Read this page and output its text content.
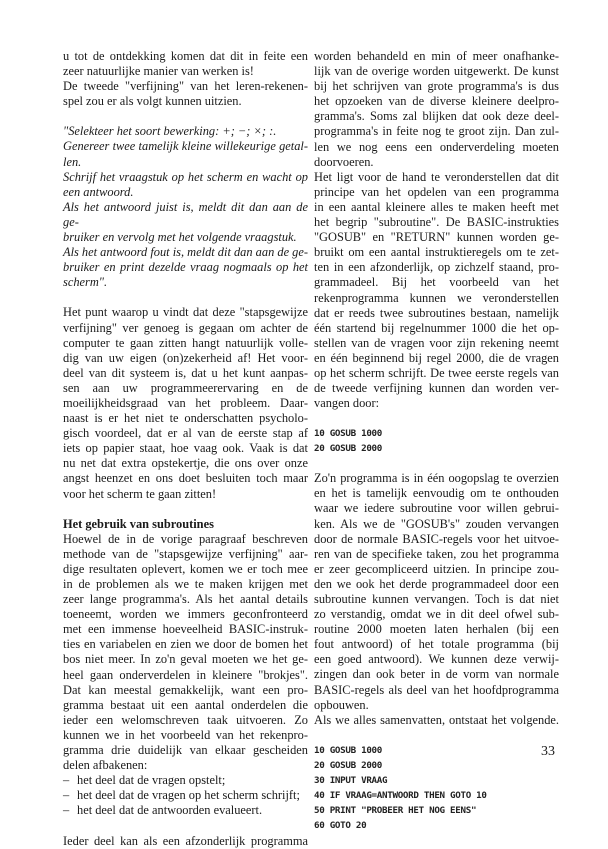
u tot de ontdekking komen dat dit in feite een
zeer natuurlijke manier van werken is!
De tweede "verfijning" van het leren-rekenen-
spel zou er als volgt kunnen uitzien.

"Selekteer het soort bewerking: +; −; ×; :.
Genereer twee tamelijk kleine willekeurige getal-
len.
Schrijf het vraagstuk op het scherm en wacht op
een antwoord.
Als het antwoord juist is, meldt dit dan aan de ge-
bruiker en vervolg met het volgende vraagstuk.
Als het antwoord fout is, meldt dit dan aan de ge-
bruiker en print dezelde vraag nogmaals op het
scherm".

Het punt waarop u vindt dat deze "stapsgewijze
verfijning" ver genoeg is gegaan om achter de
computer te gaan zitten hangt natuurlijk volle-
dig van uw eigen (on)zekerheid af! Het voor-
deel van dit systeem is, dat u het kunt aanpas-
sen aan uw programmeerervaring en de
moeilijkheidsgraad van het probleem. Daar-
naast is er het niet te onderschatten psycholo-
gisch voordeel, dat er al van de eerste stap af
iets op papier staat, hoe vaag ook. Vaak is dat
nu net dat extra opstekertje, die ons over onze
angst heenzet en ons doet besluiten toch maar
voor het scherm te gaan zitten!

Het gebruik van subroutines

Hoewel de in de vorige paragraaf beschreven
methode van de "stapsgewijze verfijning" aar-
dige resultaten oplevert, komen we er toch mee
in de problemen als we te maken krijgen met
zeer lange programma's. Als het aantal details
toeneemt, worden we immers geconfronteerd
met een immense hoeveelheid BASIC-instruk-
ties en variabelen en zien we door de bomen het
bos niet meer. In zo'n geval moeten we het ge-
heel gaan onderverdelen in kleinere "brokjes".
Dat kan meestal gemakkelijk, want een pro-
gramma bestaat uit een aantal onderdelen die
ieder een welomschreven taak uitvoeren. Zo
kunnen we in het voorbeeld van het rekenpro-
gramma drie duidelijk van elkaar gescheiden
delen afbakenen:

– het deel dat de vragen opstelt;
– het deel dat de vragen op het scherm schrijft;
– het deel dat de antwoorden evalueert.

Ieder deel kan als een afzonderlijk programma

worden behandeld en min of meer onafhanke-
lijk van de overige worden uitgewerkt. De kunst
bij het schrijven van grote programma's is dus
het opzoeken van de diverse kleinere deelpro-
gramma's. Soms zal blijken dat ook deze deel-
programma's in feite nog te groot zijn. Dan zul-
len we nog eens een onderverdeling moeten
doorvoeren.

Het ligt voor de hand te veronderstellen dat dit
principe van het opdelen van een programma
in een aantal kleinere alles te maken heeft met
het begrip "subroutine". De BASIC-instrukties
"GOSUB" en "RETURN" kunnen worden ge-
bruikt om een aantal instruktieregels om te zet-
ten in een afzonderlijk, op zichzelf staand, pro-
grammadeel. Bij het voorbeeld van het
rekenprogramma kunnen we veronderstellen
dat er reeds twee subroutines bestaan, namelijk
één startend bij regelnummer 1000 die het op-
stellen van de vragen voor zijn rekening neemt
en één beginnend bij regel 2000, die de vragen
op het scherm schrijft. De twee eerste regels van
de tweede verfijning kunnen dan worden ver-
vangen door:

10 GOSUB 1000
20 GOSUB 2000

Zo'n programma is in één oogopslag te overzien
en het is tamelijk eenvoudig om te onthouden
waar we iedere subroutine voor willen gebrui-
ken. Als we de "GOSUB's" zouden vervangen
door de normale BASIC-regels voor het uitvoe-
ren van de specifieke taken, zou het programma
er zeer gecompliceerd uitzien. In principe zou-
den we ook het derde programmadeel door een
subroutine kunnen vervangen. Toch is dat niet
zo verstandig, omdat we in dit deel ofwel sub-
routine 2000 moeten laten herhalen (bij een
fout antwoord) of het totale programma (bij
een goed antwoord). We kunnen deze verwij-
zingen dan ook beter in de vorm van normale
BASIC-regels als deel van het hoofdprogramma
opbouwen.

Als we alles samenvatten, ontstaat het volgende.

10 GOSUB 1000
20 GOSUB 2000
30 INPUT VRAAG
40 IF VRAAG=ANTWOORD THEN GOTO 10
50 PRINT "PROBEER HET NOG EENS"
60 GOTO 20
33
